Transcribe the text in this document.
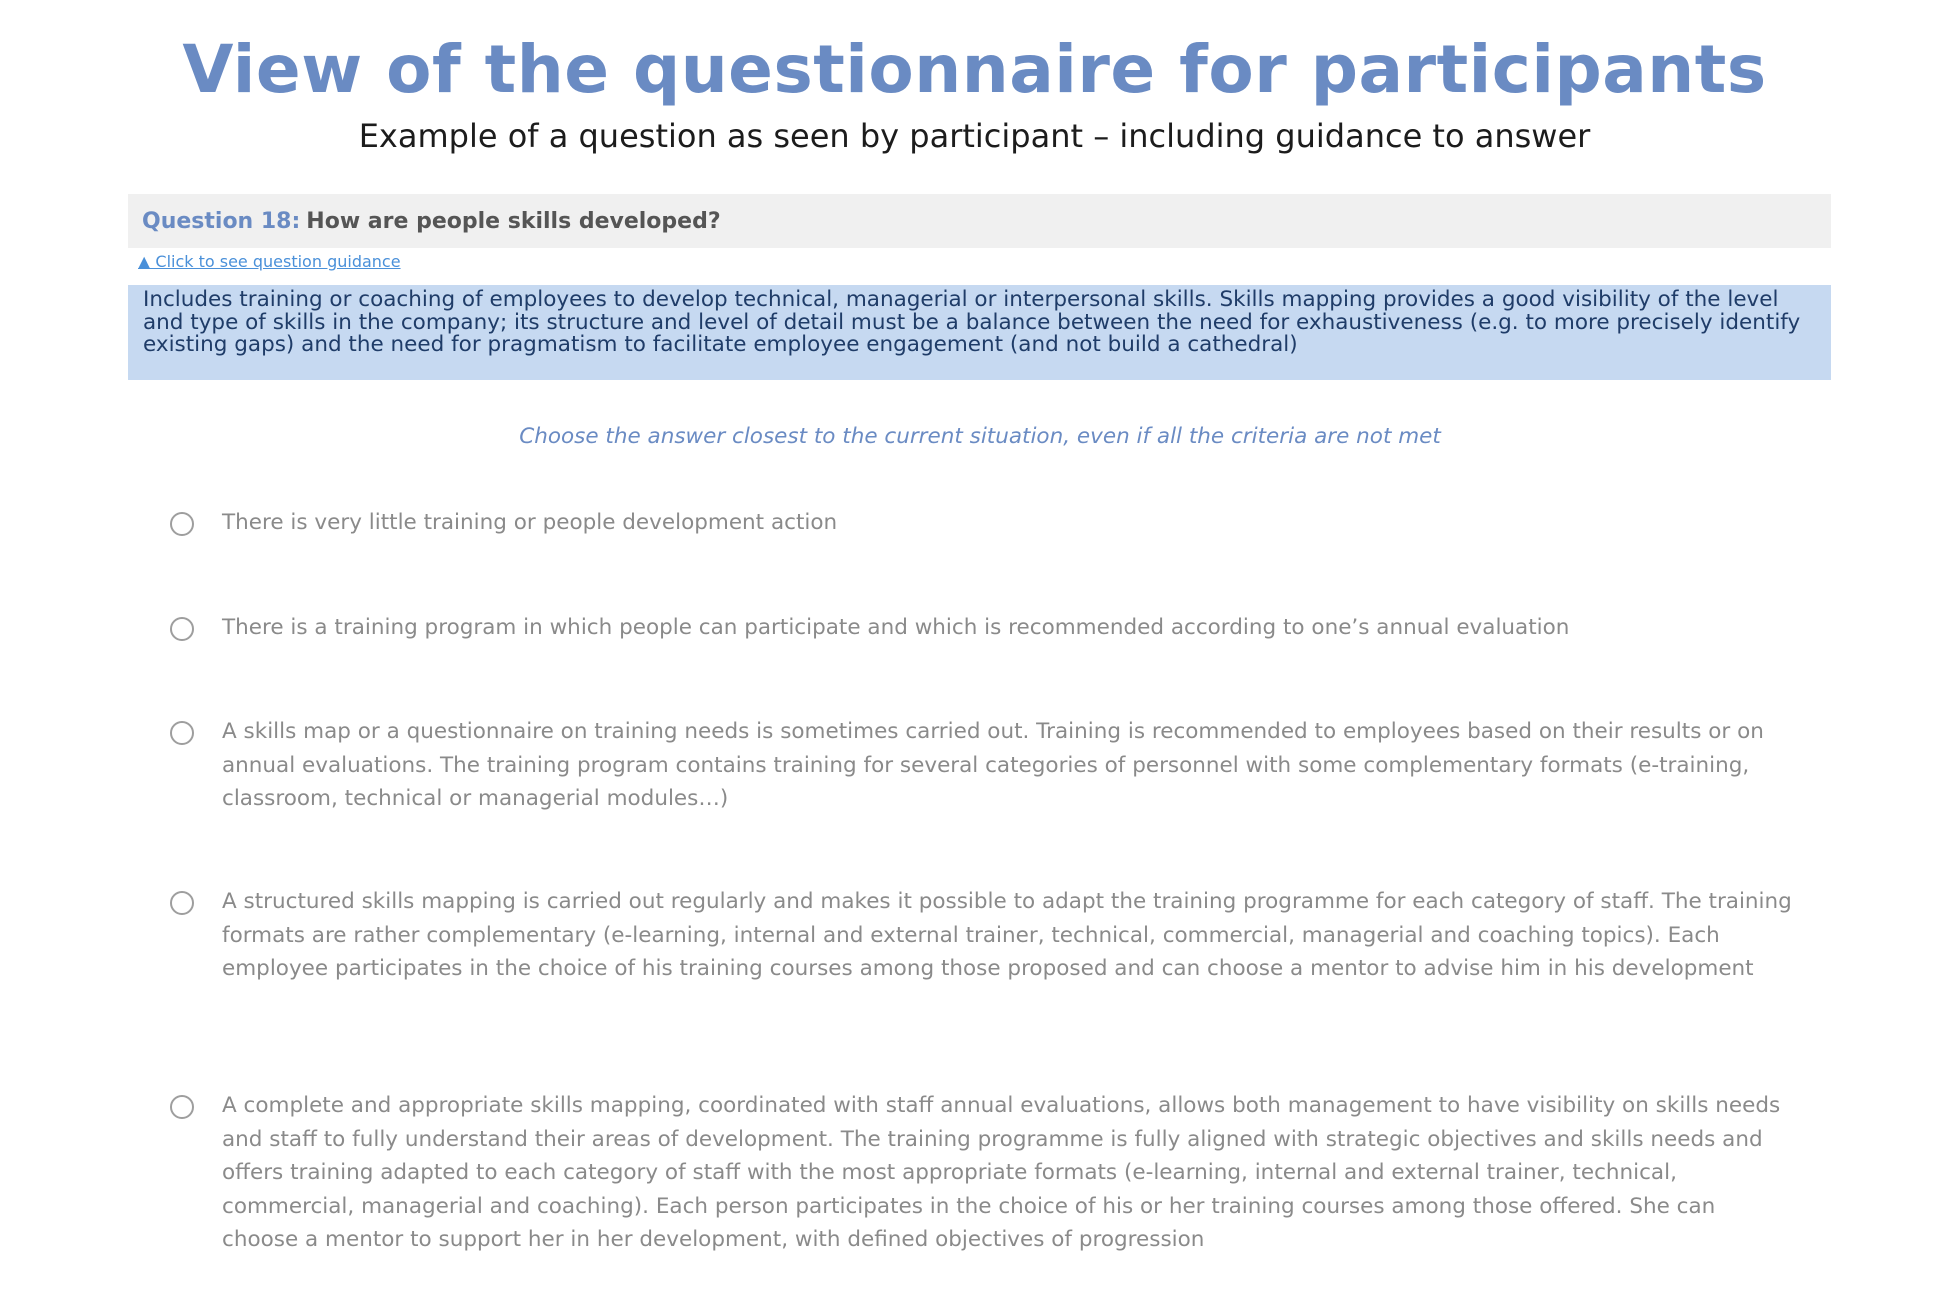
View of the questionnaire for participants
Example of a question as seen by participant – including guidance to answer
Question 18: How are people skills developed?
▲ Click to see question guidance
Includes training or coaching of employees to develop technical, managerial or interpersonal skills. Skills mapping provides a good visibility of the level and type of skills in the company; its structure and level of detail must be a balance between the need for exhaustiveness (e.g. to more precisely identify existing gaps) and the need for pragmatism to facilitate employee engagement (and not build a cathedral)
Choose the answer closest to the current situation, even if all the criteria are not met
There is very little training or people development action
There is a training program in which people can participate and which is recommended according to one’s annual evaluation
A skills map or a questionnaire on training needs is sometimes carried out. Training is recommended to employees based on their results or on annual evaluations. The training program contains training for several categories of personnel with some complementary formats (e-training, classroom, technical or managerial modules…)
A structured skills mapping is carried out regularly and makes it possible to adapt the training programme for each category of staff. The training formats are rather complementary (e-learning, internal and external trainer, technical, commercial, managerial and coaching topics). Each employee participates in the choice of his training courses among those proposed and can choose a mentor to advise him in his development
A complete and appropriate skills mapping, coordinated with staff annual evaluations, allows both management to have visibility on skills needs and staff to fully understand their areas of development. The training programme is fully aligned with strategic objectives and skills needs and offers training adapted to each category of staff with the most appropriate formats (e-learning, internal and external trainer, technical, commercial, managerial and coaching). Each person participates in the choice of his or her training courses among those offered. She can choose a mentor to support her in her development, with defined objectives of progression
